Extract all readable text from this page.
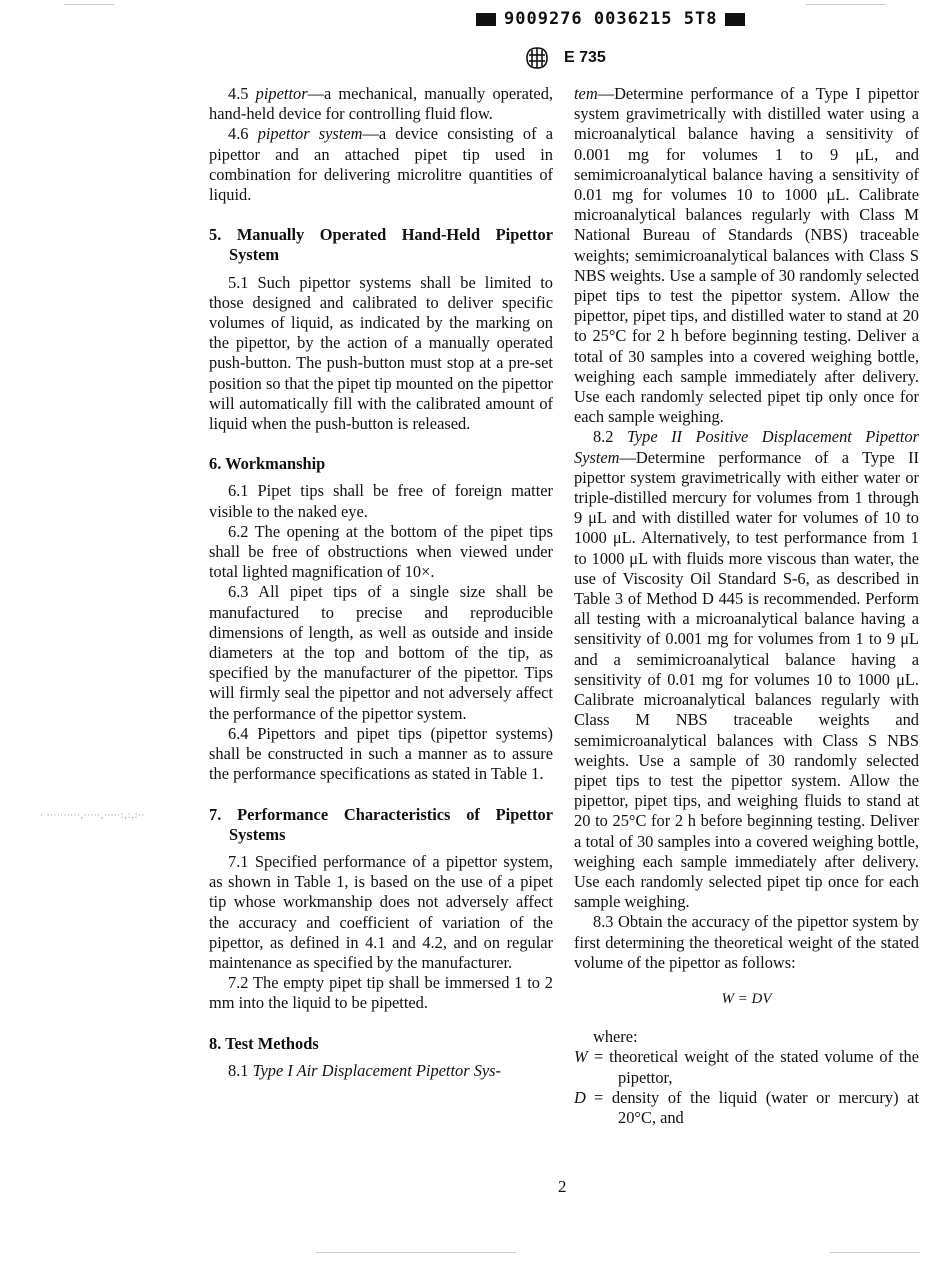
· ··········,·····,·····:,:,:··
9009276 0036215 5T8
E 735

4.5 pipettor—a mechanical, manually operated, hand-held device for controlling fluid flow.

4.6 pipettor system—a device consisting of a pipettor and an attached pipet tip used in combination for delivering microlitre quantities of liquid.

5. Manually Operated Hand-Held Pipettor System

5.1 Such pipettor systems shall be limited to those designed and calibrated to deliver specific volumes of liquid, as indicated by the marking on the pipettor, by the action of a manually operated push-button. The push-button must stop at a pre-set position so that the pipet tip mounted on the pipettor will automatically fill with the calibrated amount of liquid when the push-button is released.

6. Workmanship

6.1 Pipet tips shall be free of foreign matter visible to the naked eye.

6.2 The opening at the bottom of the pipet tips shall be free of obstructions when viewed under total lighted magnification of 10×.

6.3 All pipet tips of a single size shall be manufactured to precise and reproducible dimensions of length, as well as outside and inside diameters at the top and bottom of the tip, as specified by the manufacturer of the pipettor. Tips will firmly seal the pipettor and not adversely affect the performance of the pipettor system.

6.4 Pipettors and pipet tips (pipettor systems) shall be constructed in such a manner as to assure the performance specifications as stated in Table 1.

7. Performance Characteristics of Pipettor Systems

7.1 Specified performance of a pipettor system, as shown in Table 1, is based on the use of a pipet tip whose workmanship does not adversely affect the accuracy and coefficient of variation of the pipettor, as defined in 4.1 and 4.2, and on regular maintenance as specified by the manufacturer.

7.2 The empty pipet tip shall be immersed 1 to 2 mm into the liquid to be pipetted.

8. Test Methods

8.1 Type I Air Displacement Pipettor Sys-

tem—Determine performance of a Type I pipettor system gravimetrically with distilled water using a microanalytical balance having a sensitivity of 0.001 mg for volumes 1 to 9 μL, and semimicroanalytical balance having a sensitivity of 0.01 mg for volumes 10 to 1000 μL. Calibrate microanalytical balances regularly with Class M National Bureau of Standards (NBS) traceable weights; semimicroanalytical balances with Class S NBS weights. Use a sample of 30 randomly selected pipet tips to test the pipettor system. Allow the pipettor, pipet tips, and distilled water to stand at 20 to 25°C for 2 h before beginning testing. Deliver a total of 30 samples into a covered weighing bottle, weighing each sample immediately after delivery. Use each randomly selected pipet tip only once for each sample weighing.

8.2 Type II Positive Displacement Pipettor System—Determine performance of a Type II pipettor system gravimetrically with either water or triple-distilled mercury for volumes from 1 through 9 μL and with distilled water for volumes of 10 to 1000 μL. Alternatively, to test performance from 1 to 1000 μL with fluids more viscous than water, the use of Viscosity Oil Standard S-6, as described in Table 3 of Method D 445 is recommended. Perform all testing with a microanalytical balance having a sensitivity of 0.001 mg for volumes from 1 to 9 μL and a semimicroanalytical balance having a sensitivity of 0.01 mg for volumes 10 to 1000 μL. Calibrate microanalytical balances regularly with Class M NBS traceable weights and semimicroanalytical balances with Class S NBS weights. Use a sample of 30 randomly selected pipet tips to test the pipettor system. Allow the pipettor, pipet tips, and weighing fluids to stand at 20 to 25°C for 2 h before beginning testing. Deliver a total of 30 samples into a covered weighing bottle, weighing each sample immediately after delivery. Use each randomly selected pipet tip once for each sample weighing.

8.3 Obtain the accuracy of the pipettor system by first determining the theoretical weight of the stated volume of the pipettor as follows:

W = DV

where:

W = theoretical weight of the stated volume of the pipettor,
D = density of the liquid (water or mercury) at 20°C, and
2
